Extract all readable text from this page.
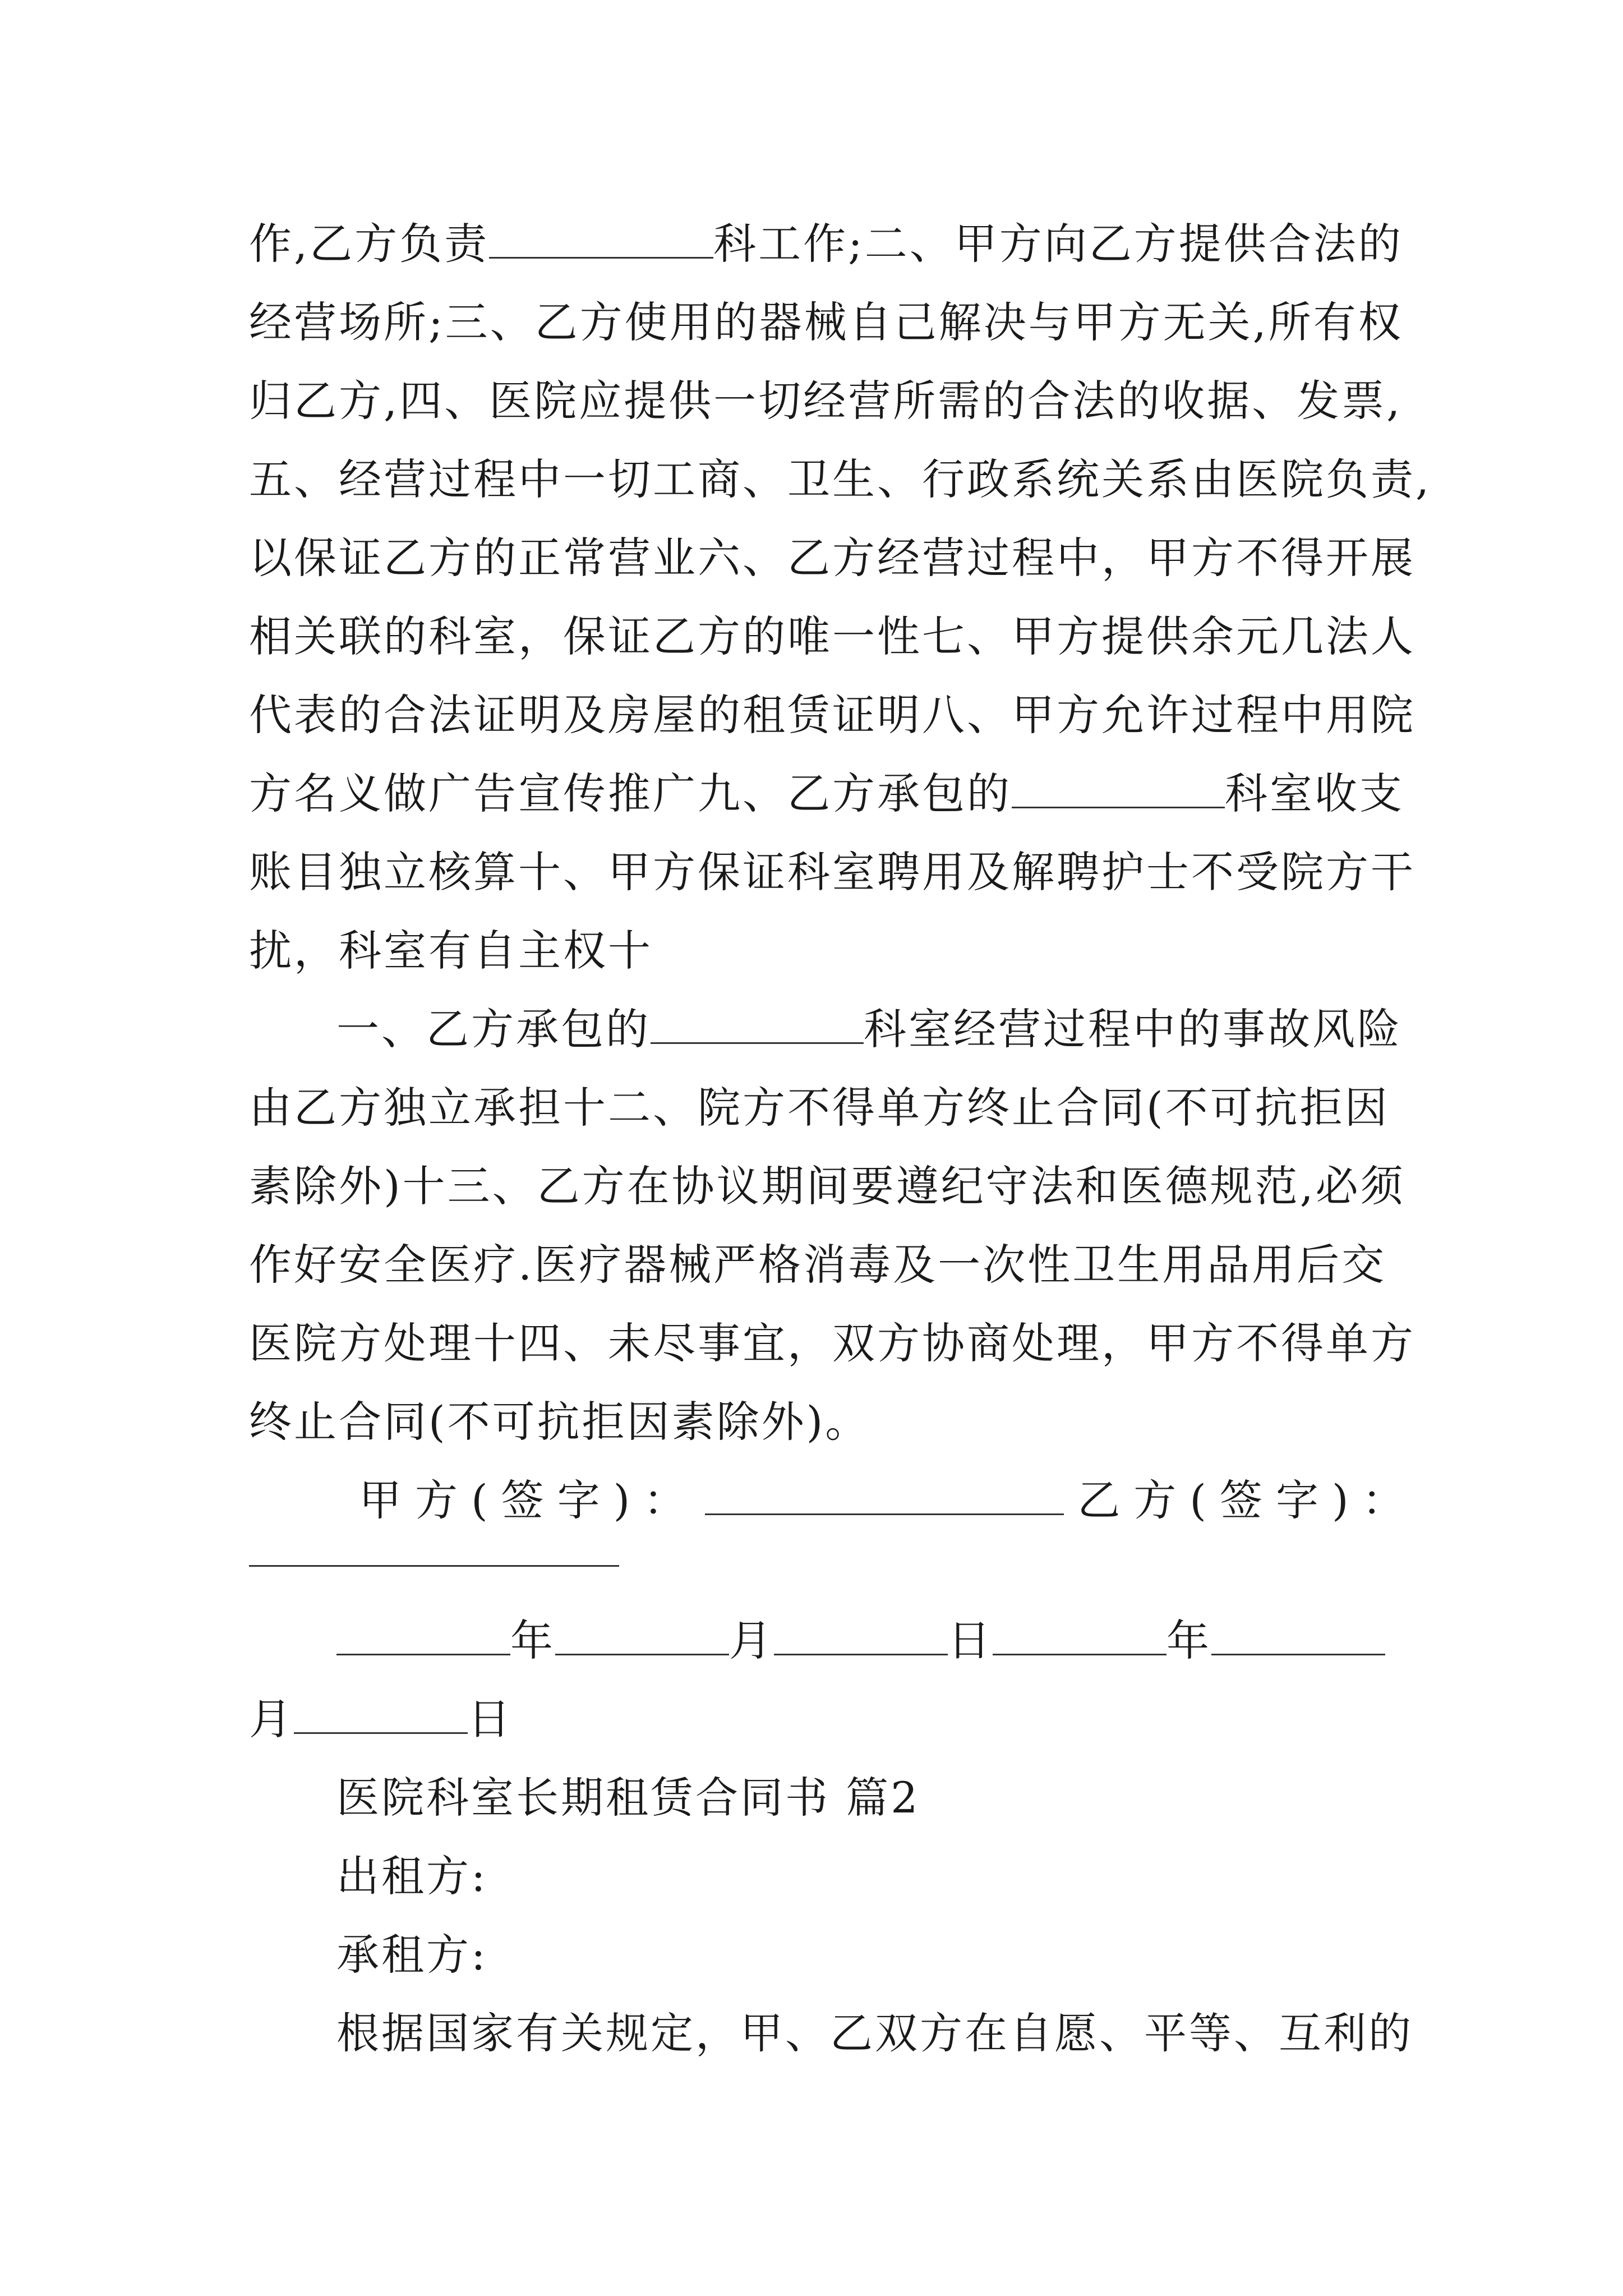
作,乙方负责	科工作;二、甲方向乙方提供合法的
经营场所;三、乙方使用的器械自己解决与甲方无关,所有权
归乙方,四、医院应提供一切经营所需的合法的收据、发票,
五、经营过程中一切工商、卫生、行政系统关系由医院负责,
以保证乙方的正常营业六、乙方经营过程中，甲方不得开展
相关联的科室，保证乙方的唯一性七、甲方提供余元几法人
代表的合法证明及房屋的租赁证明八、甲方允许过程中用院
方名义做广告宣传推广九、乙方承包的	科室收支
账目独立核算十、甲方保证科室聘用及解聘护士不受院方干
扰，科室有自主权十
一、乙方承包的	科室经营过程中的事故风险
由乙方独立承担十二、院方不得单方终止合同(不可抗拒因
素除外)十三、乙方在协议期间要遵纪守法和医德规范,必须
作好安全医疗.医疗器械严格消毒及一次性卫生用品用后交
医院方处理十四、未尽事宜，双方协商处理，甲方不得单方
终止合同(不可抗拒因素除外)。
甲方(签字)：	乙方(签字)：
年	月	日	年
月	日
医院科室长期租赁合同书 篇2
出租方:
承租方:
根据国家有关规定，甲、乙双方在自愿、平等、互利的
